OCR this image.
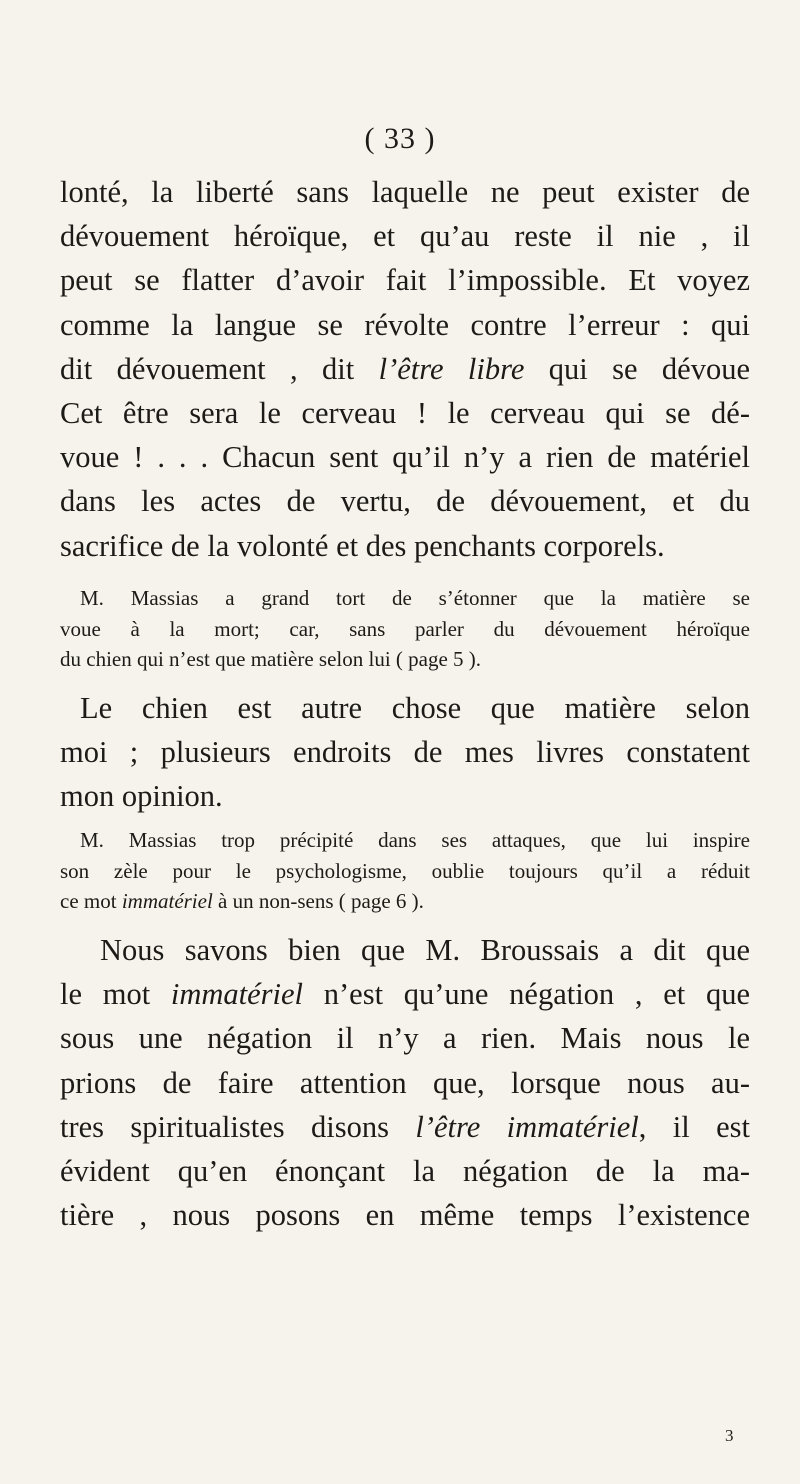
( 33 )
lonté, la liberté sans laquelle ne peut exister de
dévouement héroïque, et qu’au reste il nie , il
peut se flatter d’avoir fait l’impossible. Et voyez
comme la langue se révolte contre l’erreur : qui
dit dévouement , dit l’être libre qui se dévoue
Cet être sera le cerveau ! le cerveau qui se dé-
voue ! . . . Chacun sent qu’il n’y a rien de matériel
dans les actes de vertu, de dévouement, et du
sacrifice de la volonté et des penchants corporels.
M. Massias a grand tort de s’étonner que la matière se
voue à la mort; car, sans parler du dévouement héroïque
du chien qui n’est que matière selon lui ( page 5 ).
Le chien est autre chose que matière selon
moi ; plusieurs endroits de mes livres constatent
mon opinion.
M. Massias trop précipité dans ses attaques, que lui inspire
son zèle pour le psychologisme, oublie toujours qu’il a réduit
ce mot immatériel à un non-sens ( page 6 ).
Nous savons bien que M. Broussais a dit que
le mot immatériel n’est qu’une négation , et que
sous une négation il n’y a rien. Mais nous le
prions de faire attention que, lorsque nous au-
tres spiritualistes disons l’être immatériel, il est
évident qu’en énonçant la négation de la ma-
tière , nous posons en même temps l’existence
3
